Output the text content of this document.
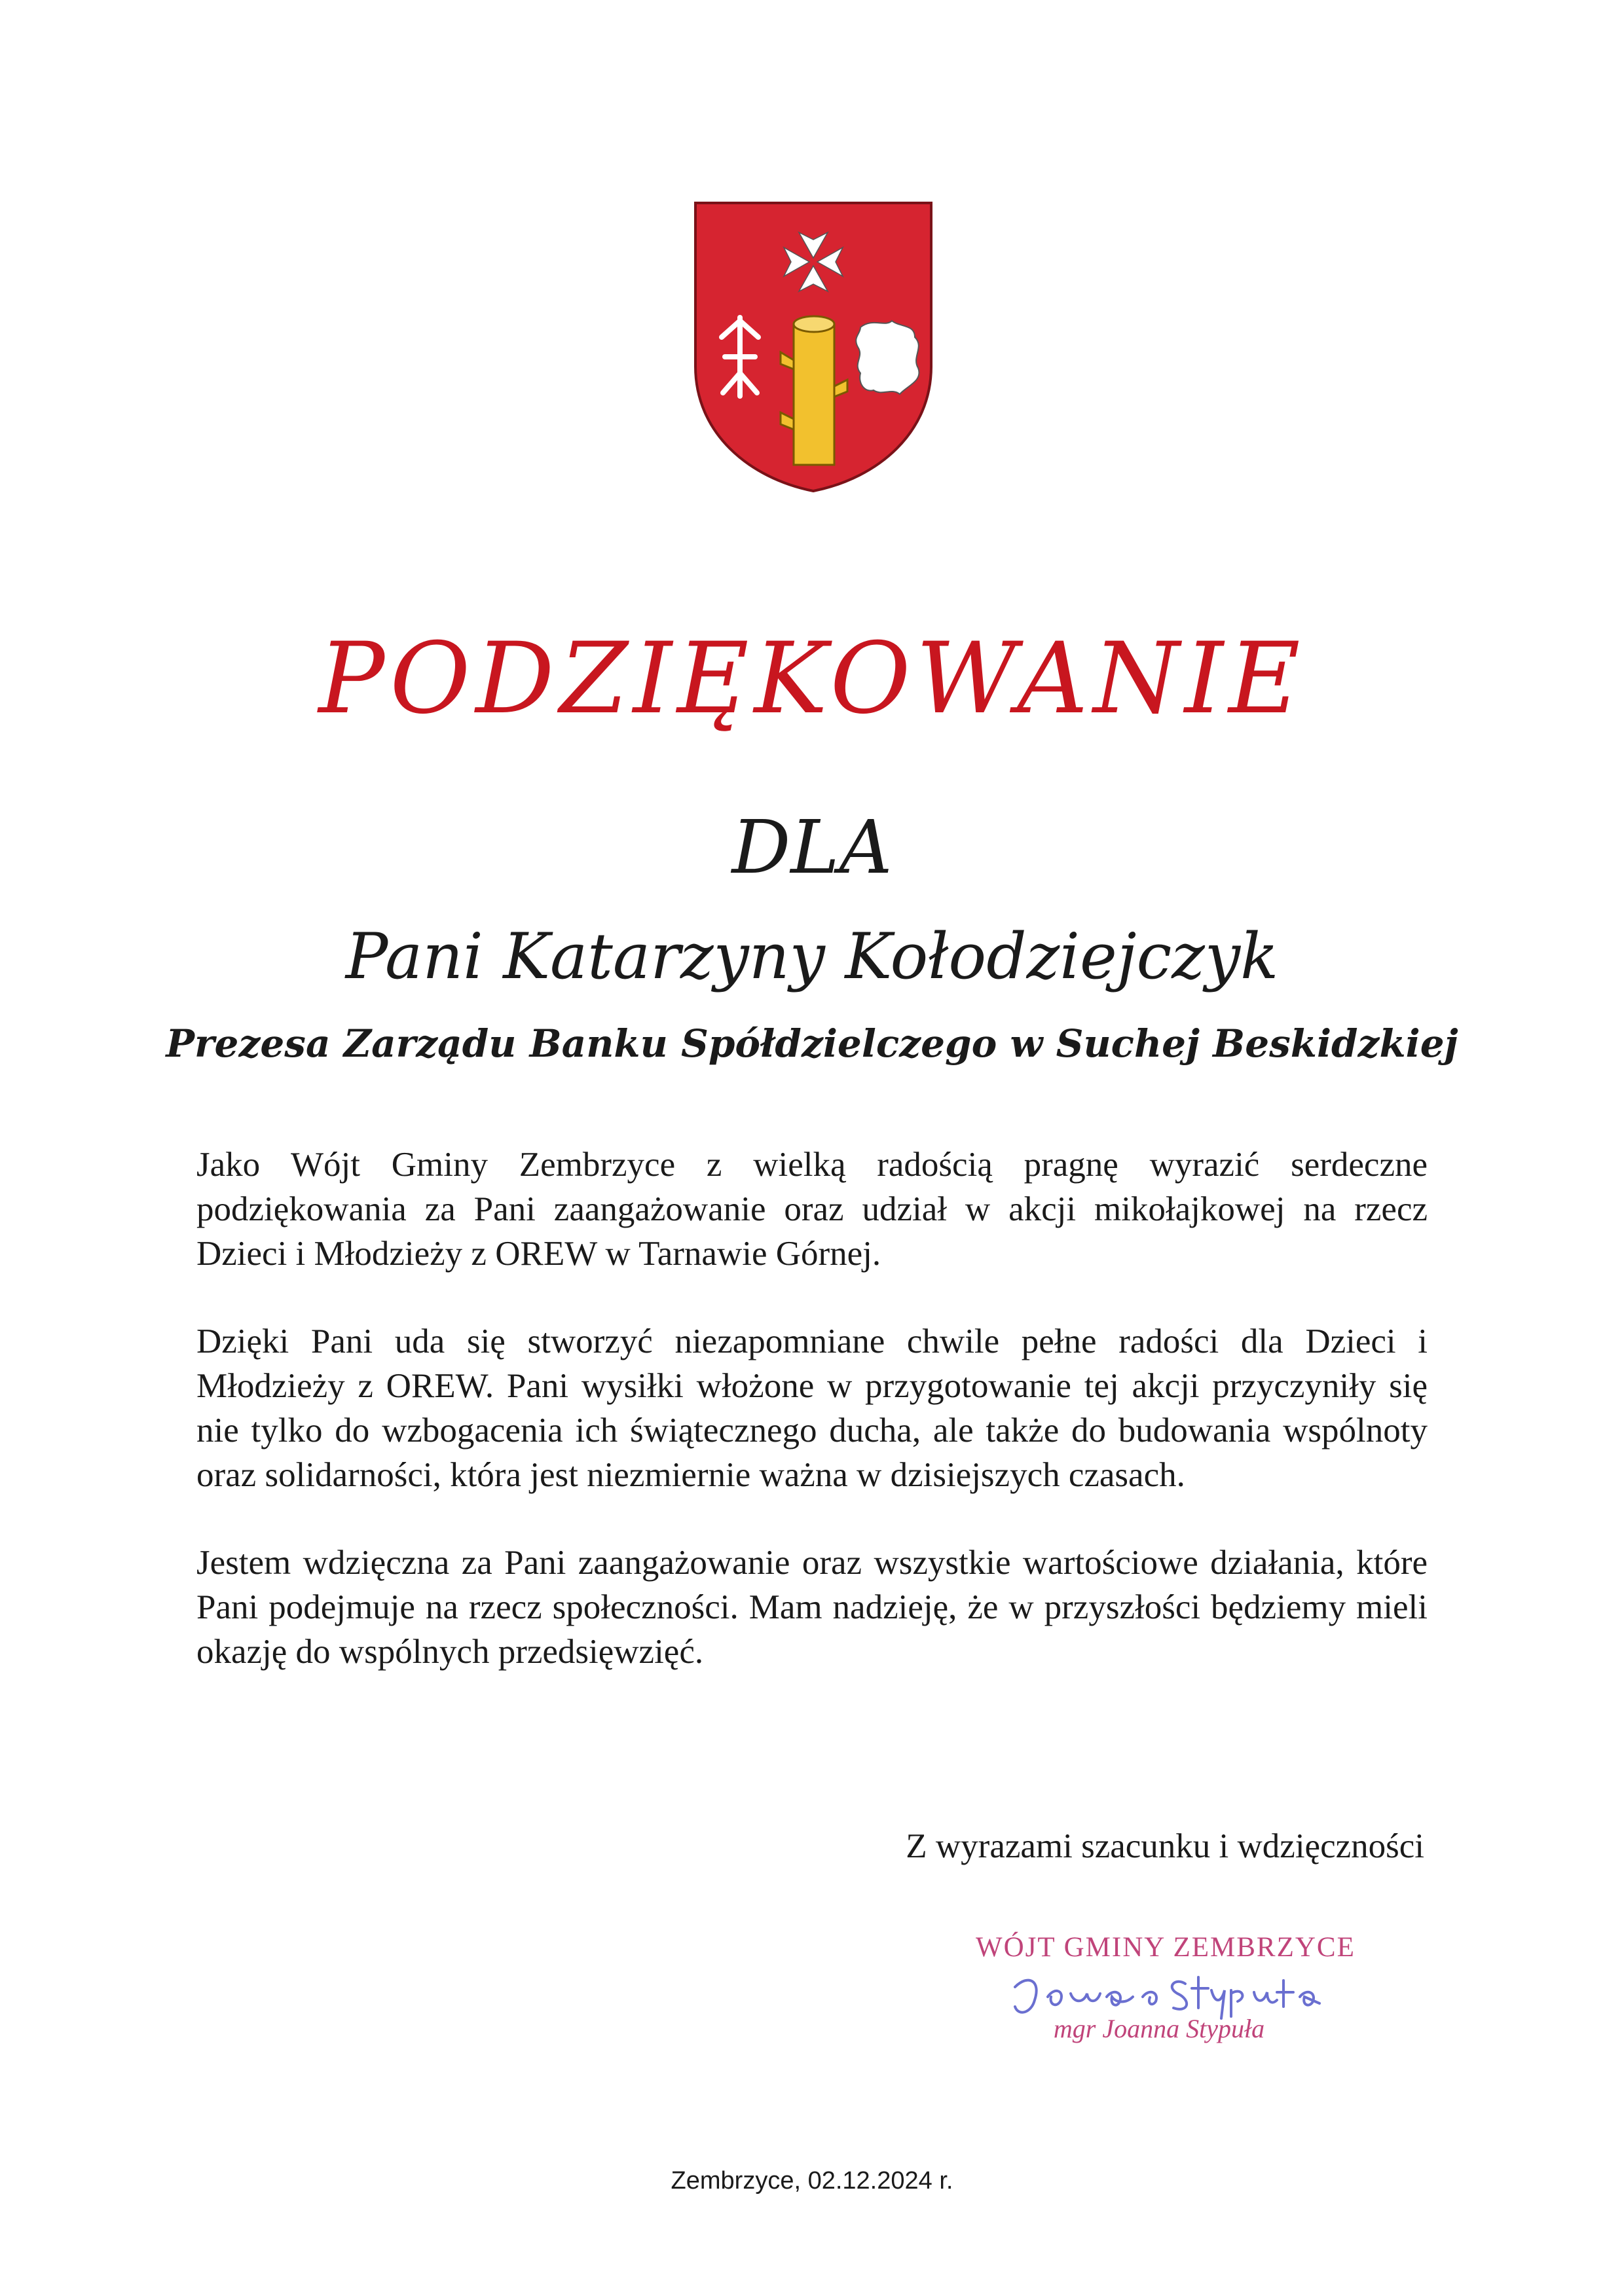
PODZIĘKOWANIE
DLA
Pani Katarzyny Kołodziejczyk
Prezesa Zarządu Banku Spółdzielczego w Suchej Beskidzkiej

Jako Wójt Gminy Zembrzyce z wielką radością pragnę wyrazić serdeczne podziękowania za Pani zaangażowanie oraz udział w akcji mikołajkowej na rzecz Dzieci i Młodzieży z OREW w Tarnawie Górnej.

Dzięki Pani uda się stworzyć niezapomniane chwile pełne radości dla Dzieci i Młodzieży z OREW. Pani wysiłki włożone w przygotowanie tej akcji przyczyniły się nie tylko do wzbogacenia ich świątecznego ducha, ale także do budowania wspólnoty oraz solidarności, która jest niezmiernie ważna w dzisiejszych czasach.

Jestem wdzięczna za Pani zaangażowanie oraz wszystkie wartościowe działania, które Pani podejmuje na rzecz społeczności. Mam nadzieję, że w przyszłości będziemy mieli okazję do wspólnych przedsięwzięć.

Z wyrazami szacunku i wdzięczności
WÓJT GMINY ZEMBRZYCE
mgr Joanna Stypuła
Zembrzyce, 02.12.2024 r.
